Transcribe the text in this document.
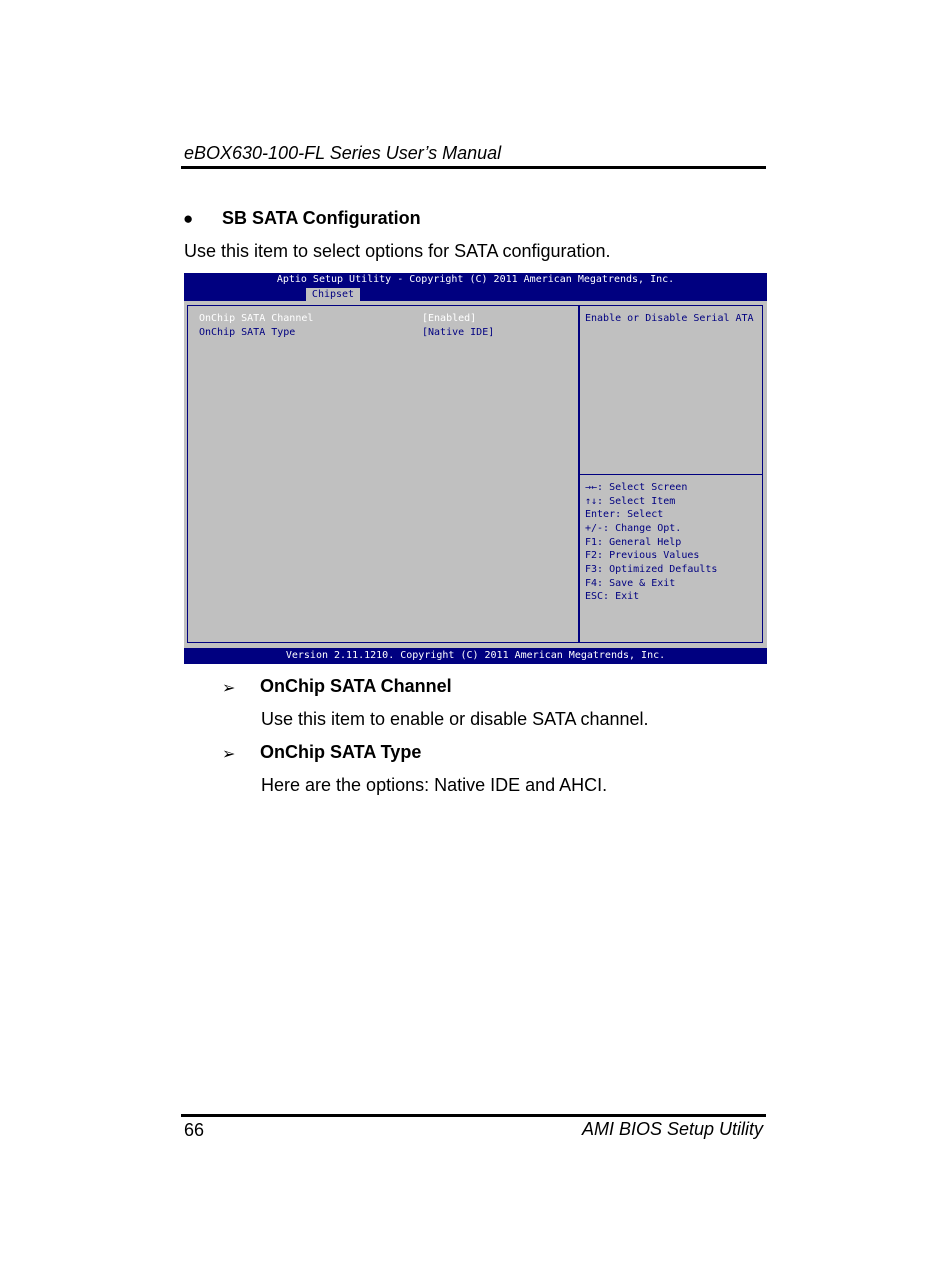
eBOX630-100-FL Series User’s Manual
● SB SATA Configuration
Use this item to select options for SATA configuration.
Aptio Setup Utility - Copyright (C) 2011 American Megatrends, Inc.
Chipset
OnChip SATA Channel	[Enabled]
OnChip SATA Type	[Native IDE]
Enable or Disable Serial ATA
→←: Select Screen
↑↓: Select Item
Enter: Select
+/-: Change Opt.
F1: General Help
F2: Previous Values
F3: Optimized Defaults
F4: Save & Exit
ESC: Exit
Version 2.11.1210. Copyright (C) 2011 American Megatrends, Inc.
➢ OnChip SATA Channel
Use this item to enable or disable SATA channel.
➢ OnChip SATA Type
Here are the options: Native IDE and AHCI.
66	AMI BIOS Setup Utility
